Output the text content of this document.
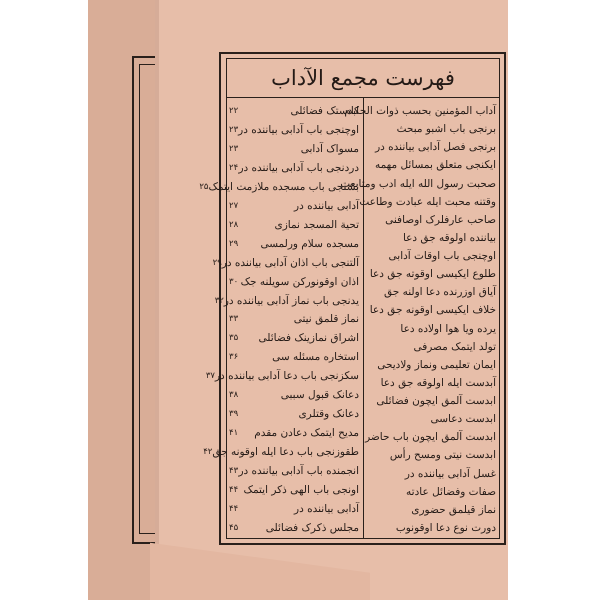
فهرست مجمع الآداب
آداب المؤمنين بحسب ذوات الحكام
برنجی باب اشبو مبحث
برنجی فصل آدابی بیاننده در
ایکنجی متعلق بمسائل مهمه
صحبت رسول الله ایله ادب ومتابعت
وقتنه محبت ایله عبادت وطاعت
صاحب عارفلرک اوصافنی
بیاننده اولوقه جق دعا
اوچنجی باب اوقات آدابی
طلوع ایکیسی اوقوته جق دعا
آیاق اوزرنده دعا اولنه جق
خلاف ایکیسی اوقونه جق دعا
یرده ویا هوا اولاده دعا
تولد ایتمک مصرفی
ایمان تعلیمی ونماز ولادیحی
آبدست ایله اولوقه جق دعا
ابدست آلمق ایچون فضائلی
ابدست دعاسی
ابدست آلمق ایچون باب حاضر
ابدست نیتی ومسح رأس
غسل آدابی بیاننده در
صفات وفضائل عادته
نماز قیلمق حضوری
دورت نوع دعا اوقونوب
ابدستک فضائلی
۲۲
اوچنجی باب آدابی بیاننده در
۲۳
مسواک آدابی
۲۳
دردنجی باب آدابی بیاننده در
۲۴
بشنجی باب مسجده ملازمت ایتمک
۲۵
آدابی بیاننده در
۲۷
تحیة المسجد نمازی
۲۸
مسجده سلام ورلمسی
۲۹
آلتنجی باب اذان آدابی بیاننده در
۲۹
اذان اوقونورکن سویلنه جک
۳۰
یدنجی باب نماز آدابی بیاننده در
۳۲
نماز قلمق نیتی
۳۳
اشراق نمازینک فضائلی
۳۵
استخاره مسئله سی
۳۶
سکزنجی باب دعا آدابی بیاننده در
۳۷
دعانک قبول سببی
۳۸
دعانک وقتلری
۳۹
مدیح ایتمک دعادن مقدم
۴۱
طقوزنجی باب دعا ایله اوقونه جق
۴۲
انجمنده باب آدابی بیاننده در
۴۳
اونجی باب الهی ذکر ایتمک
۴۴
آدابی بیاننده در
۴۴
مجلس ذکرک فضائلی
۴۵
